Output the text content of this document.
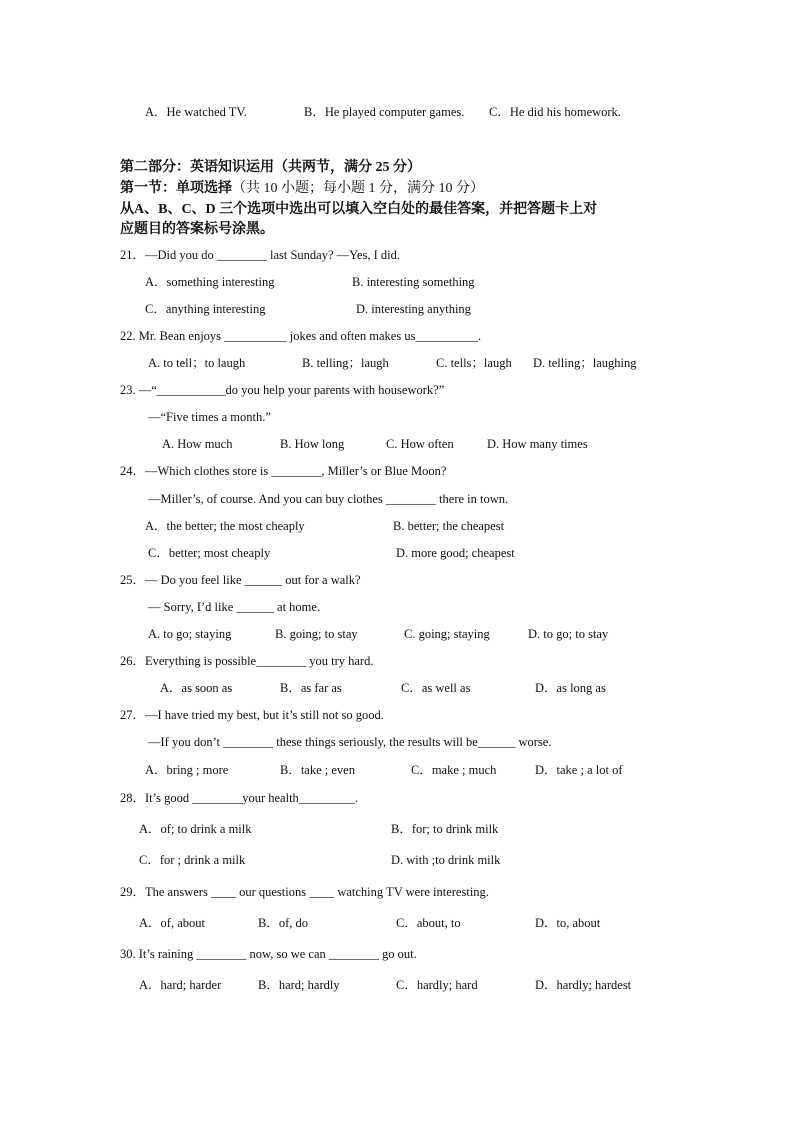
A．He watched TV.	B．He played computer games. C．He did his homework.
第二部分：英语知识运用（共两节，满分 25 分）
第一节：单项选择（共 10 小题；每小题 1 分，满分 10 分）
从A、B、C、D 三个选项中选出可以填入空白处的最佳答案，并把答题卡上对
应题目的答案标号涂黑。
21．—Did you do ________ last Sunday? —Yes, I did.
A．something interesting	B. interesting something
C．anything interesting	D. interesting anything
22. Mr. Bean enjoys __________ jokes and often makes us__________.
A. to tell；to laugh	B. telling；laugh	C. tells；laugh D. telling；laughing
23. —“___________do you help your parents with housework?”
—“Five times a month.”
A. How much	B. How long	C. How often	D. How many times
24．—Which clothes store is ________, Miller’s or Blue Moon?
—Miller’s, of course. And you can buy clothes ________ there in town.
A．the better; the most cheaply	B. better; the cheapest
C．better; most cheaply	D. more good; cheapest
25．— Do you feel like ______ out for a walk?
— Sorry, I’d like ______ at home.
A. to go; staying	B. going; to stay	C. going; staying	D. to go; to stay
26．Everything is possible________ you try hard.
A．as soon as	B．as far as	C．as well as	D．as long as
27．—I have tried my best, but it’s still not so good.
—If you don’t ________ these things seriously, the results will be______ worse.
A．bring ; more	B．take ; even	C．make ; much	D．take ; a lot of
28．It’s good ________your health_________.
A．of; to drink a milk	B．for; to drink milk
C．for ; drink a milk	D. with ;to drink milk
29．The answers ____ our questions ____ watching TV were interesting.
A．of, about	B．of, do	C．about, to	D．to, about
30. It’s raining ________ now, so we can ________ go out.
A．hard; harder	B．hard; hardly	C．hardly; hard	D．hardly; hardest
